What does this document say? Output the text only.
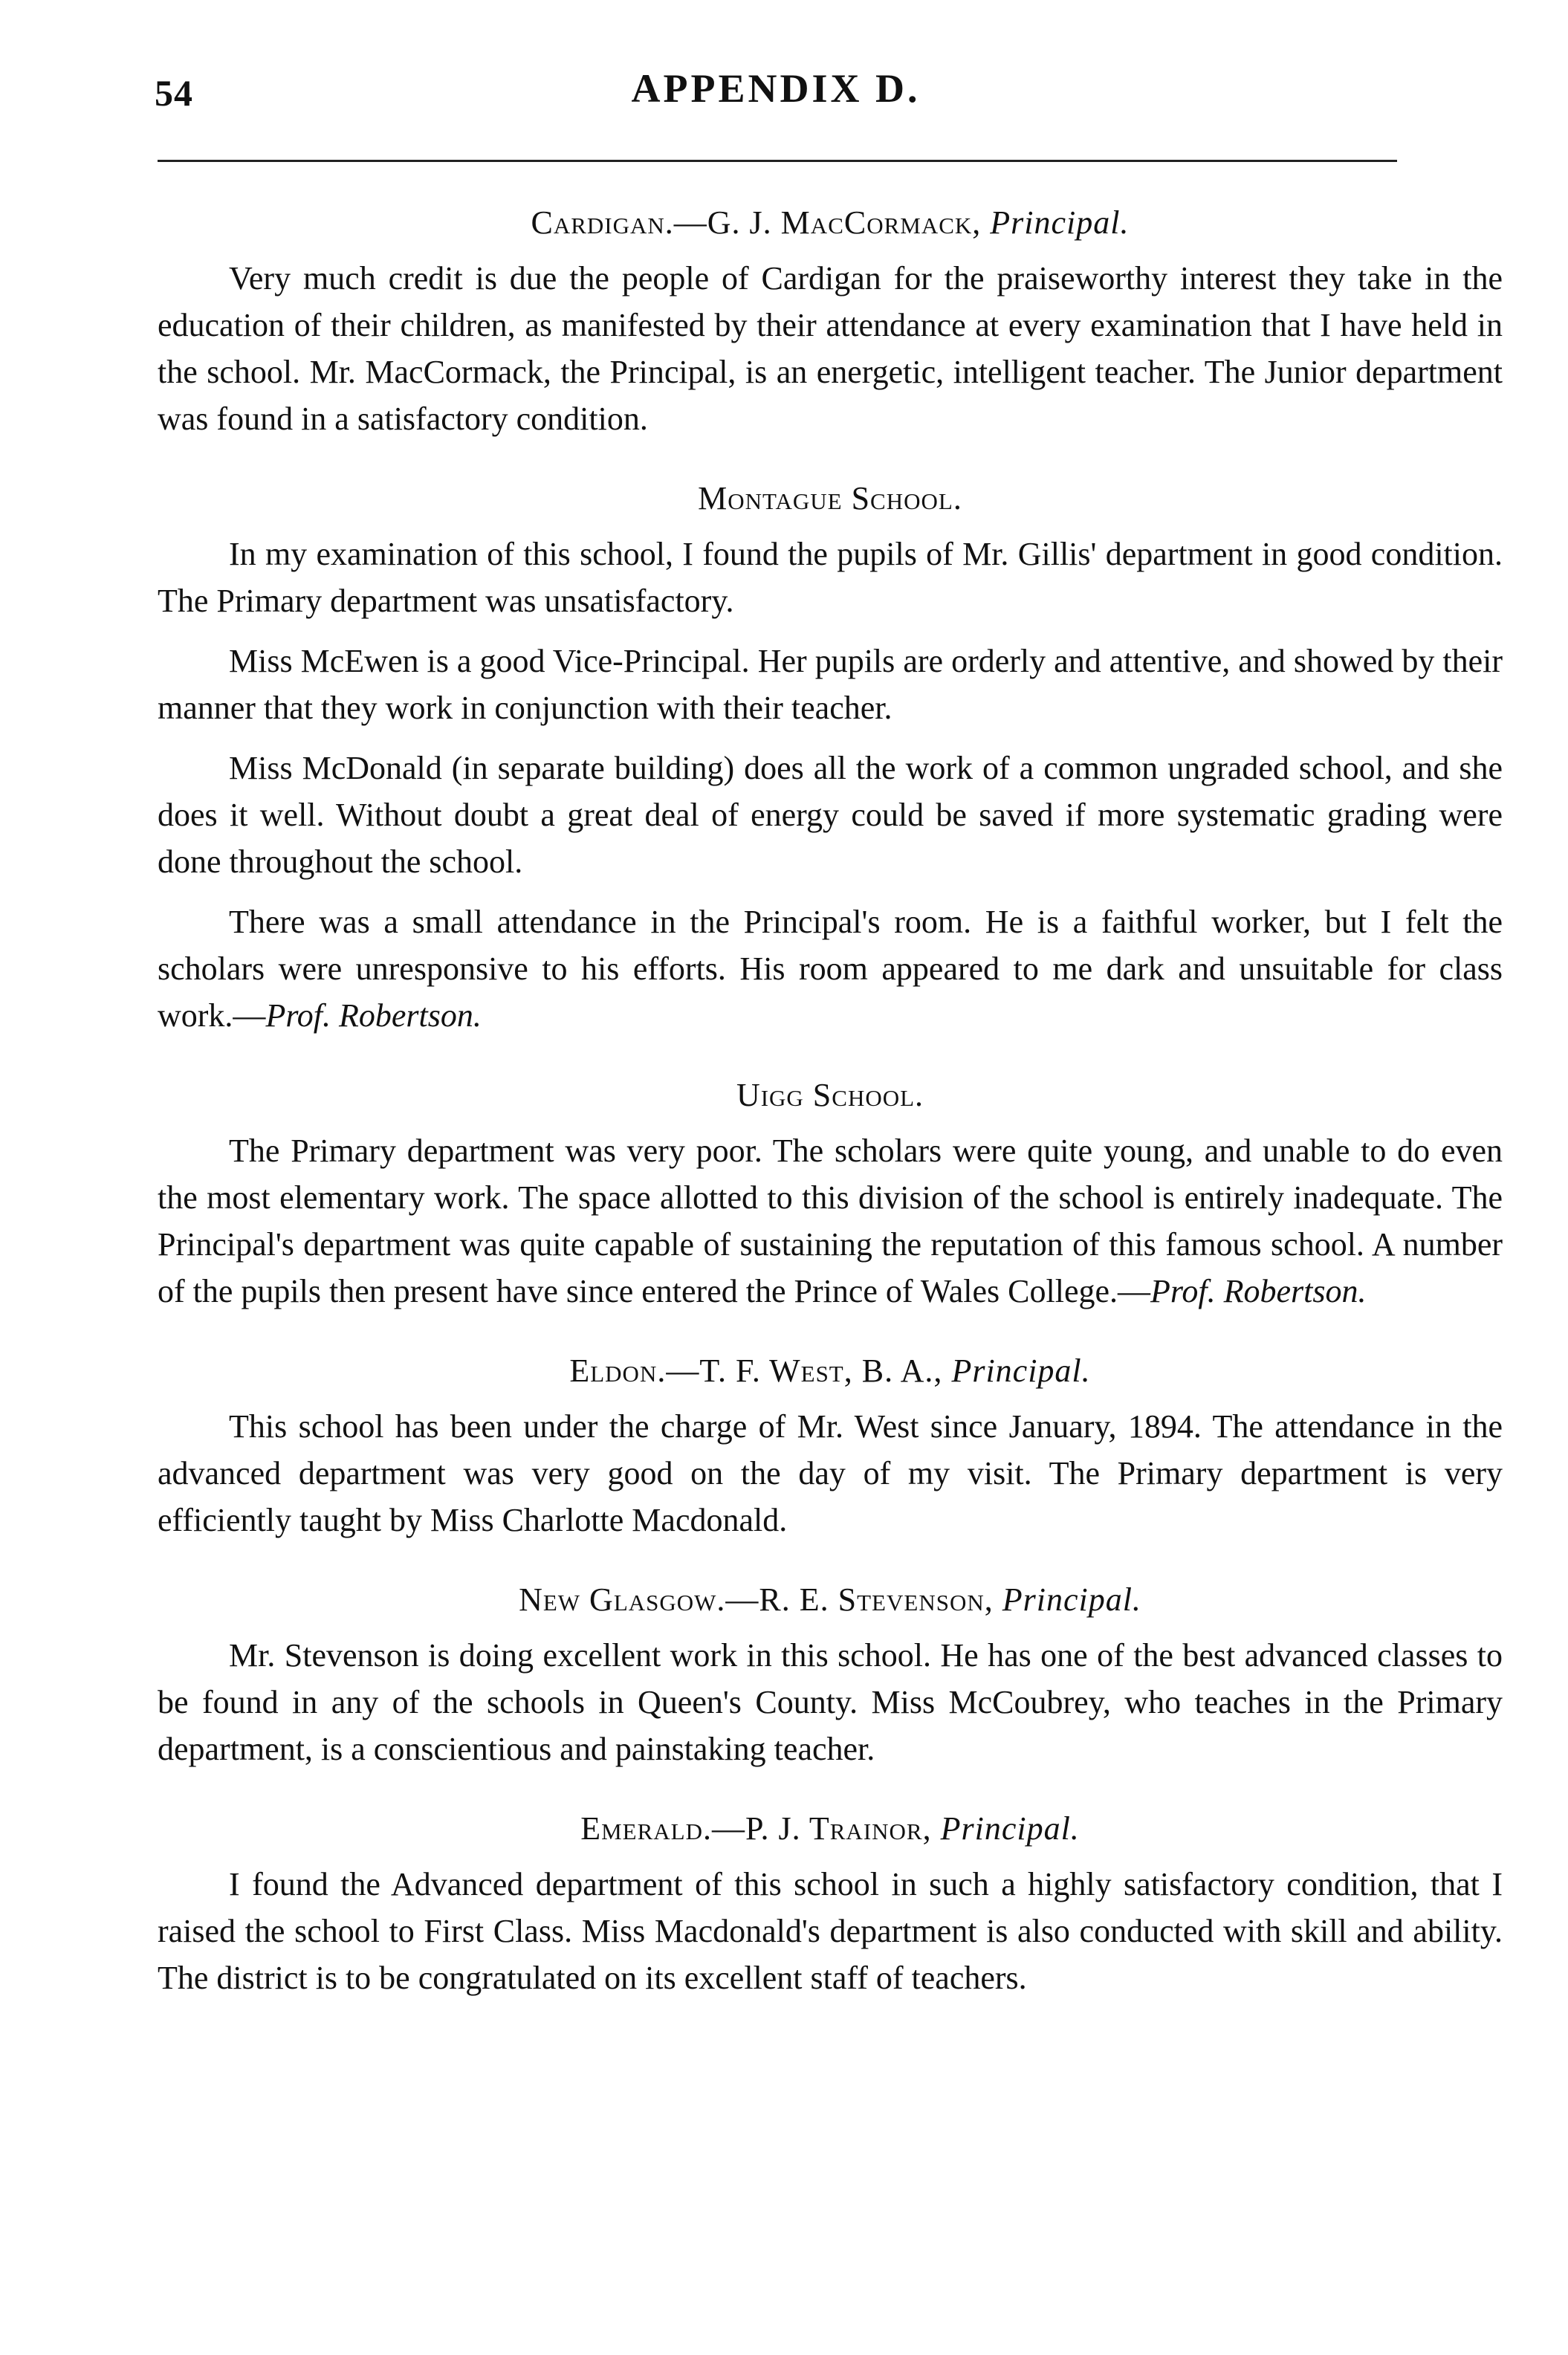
54	APPENDIX D.
Cardigan.—G. J. MacCormack, Principal.

Very much credit is due the people of Cardigan for the praiseworthy interest they take in the education of their children, as manifested by their attendance at every examination that I have held in the school. Mr. MacCormack, the Principal, is an energetic, intelligent teacher. The Junior department was found in a satisfactory condition.

Montague School.

In my examination of this school, I found the pupils of Mr. Gillis' department in good condition. The Primary department was unsatisfactory.

Miss McEwen is a good Vice-Principal. Her pupils are orderly and attentive, and showed by their manner that they work in conjunction with their teacher.

Miss McDonald (in separate building) does all the work of a common ungraded school, and she does it well. Without doubt a great deal of energy could be saved if more systematic grading were done throughout the school.

There was a small attendance in the Principal's room. He is a faithful worker, but I felt the scholars were unresponsive to his efforts. His room appeared to me dark and unsuitable for class work.—Prof. Robertson.

Uigg School.

The Primary department was very poor. The scholars were quite young, and unable to do even the most elementary work. The space allotted to this division of the school is entirely inadequate. The Principal's department was quite capable of sustaining the reputation of this famous school. A number of the pupils then present have since entered the Prince of Wales College.—Prof. Robertson.

Eldon.—T. F. West, B. A., Principal.

This school has been under the charge of Mr. West since January, 1894. The attendance in the advanced department was very good on the day of my visit. The Primary department is very efficiently taught by Miss Charlotte Macdonald.

New Glasgow.—R. E. Stevenson, Principal.

Mr. Stevenson is doing excellent work in this school. He has one of the best advanced classes to be found in any of the schools in Queen's County. Miss McCoubrey, who teaches in the Primary department, is a conscientious and painstaking teacher.

Emerald.—P. J. Trainor, Principal.

I found the Advanced department of this school in such a highly satisfactory condition, that I raised the school to First Class. Miss Macdonald's department is also conducted with skill and ability. The district is to be congratulated on its excellent staff of teachers.
